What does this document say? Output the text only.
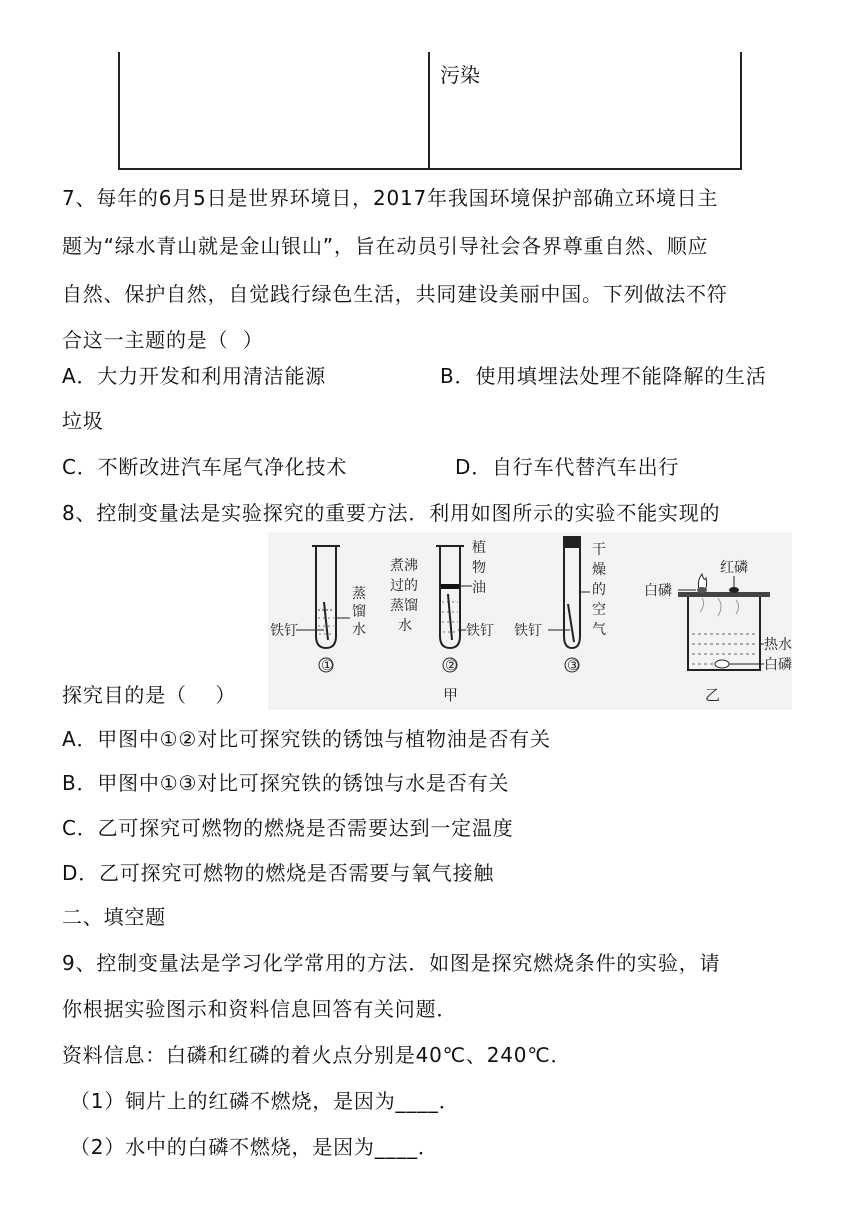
污染
7、每年的6月5日是世界环境日，2017年我国环境保护部确立环境日主
题为“绿水青山就是金山银山”，旨在动员引导社会各界尊重自然、顺应
自然、保护自然，自觉践行绿色生活，共同建设美丽中国。下列做法不符
合这一主题的是（  ）
A．大力开发和利用清洁能源	B．使用填埋法处理不能降解的生活
垃圾
C．不断改进汽车尾气净化技术	D．自行车代替汽车出行
8、控制变量法是实验探究的重要方法．利用如图所示的实验不能实现的
铁钉
蒸
馏
水
①
煮沸
过的
蒸馏
水
植
物
油
铁钉
②
甲
铁钉
干
燥
的
空
气
③
红磷
白磷
热水
白磷
乙
探究目的是（    ）
A．甲图中①②对比可探究铁的锈蚀与植物油是否有关
B．甲图中①③对比可探究铁的锈蚀与水是否有关
C．乙可探究可燃物的燃烧是否需要达到一定温度
D．乙可探究可燃物的燃烧是否需要与氧气接触
二、填空题
9、控制变量法是学习化学常用的方法．如图是探究燃烧条件的实验，请
你根据实验图示和资料信息回答有关问题．
资料信息：白磷和红磷的着火点分别是40℃、240℃．
（1）铜片上的红磷不燃烧，是因为____．
（2）水中的白磷不燃烧，是因为____．
